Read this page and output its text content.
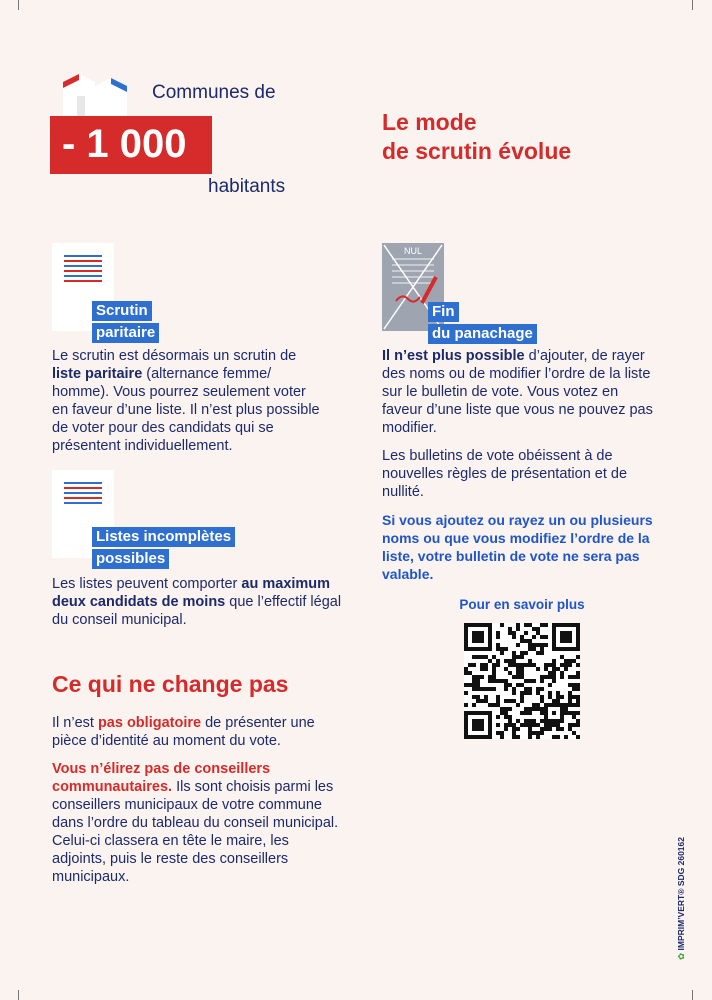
Communes de
- 1 000
habitants
Le mode
de scrutin évolue
Scrutin
paritaire
Le scrutin est désormais un scrutin de liste paritaire (alternance femme/ homme). Vous pourrez seulement voter en faveur d’une liste. Il n’est plus possible de voter pour des candidats qui se présentent individuellement.
Listes incomplètes
possibles
Les listes peuvent comporter au maximum deux candidats de moins que l’effectif légal du conseil municipal.
NUL
Fin
du panachage

Il n’est plus possible d’ajouter, de rayer des noms ou de modifier l’ordre de la liste sur le bulletin de vote. Vous votez en faveur d’une liste que vous ne pouvez pas modifier.

Les bulletins de vote obéissent à de nouvelles règles de présentation et de nullité.

Si vous ajoutez ou rayez un ou plusieurs noms ou que vous modifiez l’ordre de la liste, votre bulletin de vote ne sera pas valable.

Pour en savoir plus
Ce qui ne change pas

Il n’est pas obligatoire de présenter une pièce d’identité au moment du vote.

Vous n’élirez pas de conseillers communautaires. Ils sont choisis parmi les conseillers municipaux de votre commune dans l’ordre du tableau du conseil municipal. Celui-ci classera en tête le maire, les adjoints, puis le reste des conseillers municipaux.

✿ IMPRIM’VERT® SDG 260162
